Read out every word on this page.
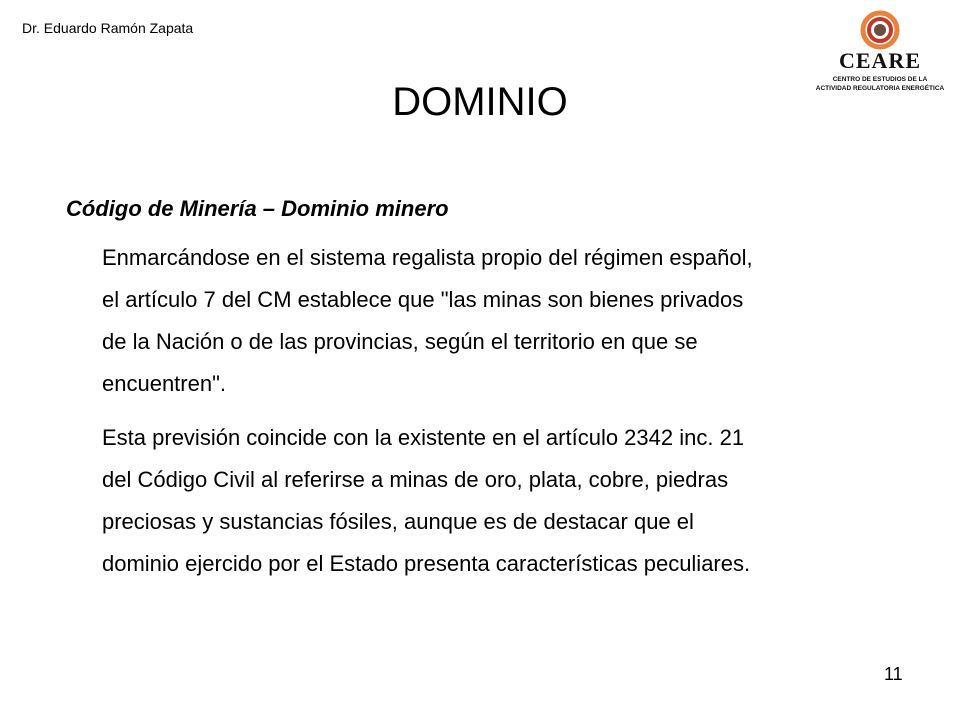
Dr. Eduardo Ramón Zapata
CEARE
CENTRO DE ESTUDIOS DE LA
ACTIVIDAD REGULATORIA ENERGÉTICA
DOMINIO
Código de Minería – Dominio minero

Enmarcándose en el sistema regalista propio del régimen español,
el artículo 7 del CM establece que "las minas son bienes privados
de la Nación o de las provincias, según el territorio en que se
encuentren".

Esta previsión coincide con la existente en el artículo 2342 inc. 21
del Código Civil al referirse a minas de oro, plata, cobre, piedras
preciosas y sustancias fósiles, aunque es de destacar que el
dominio ejercido por el Estado presenta características peculiares.

11
